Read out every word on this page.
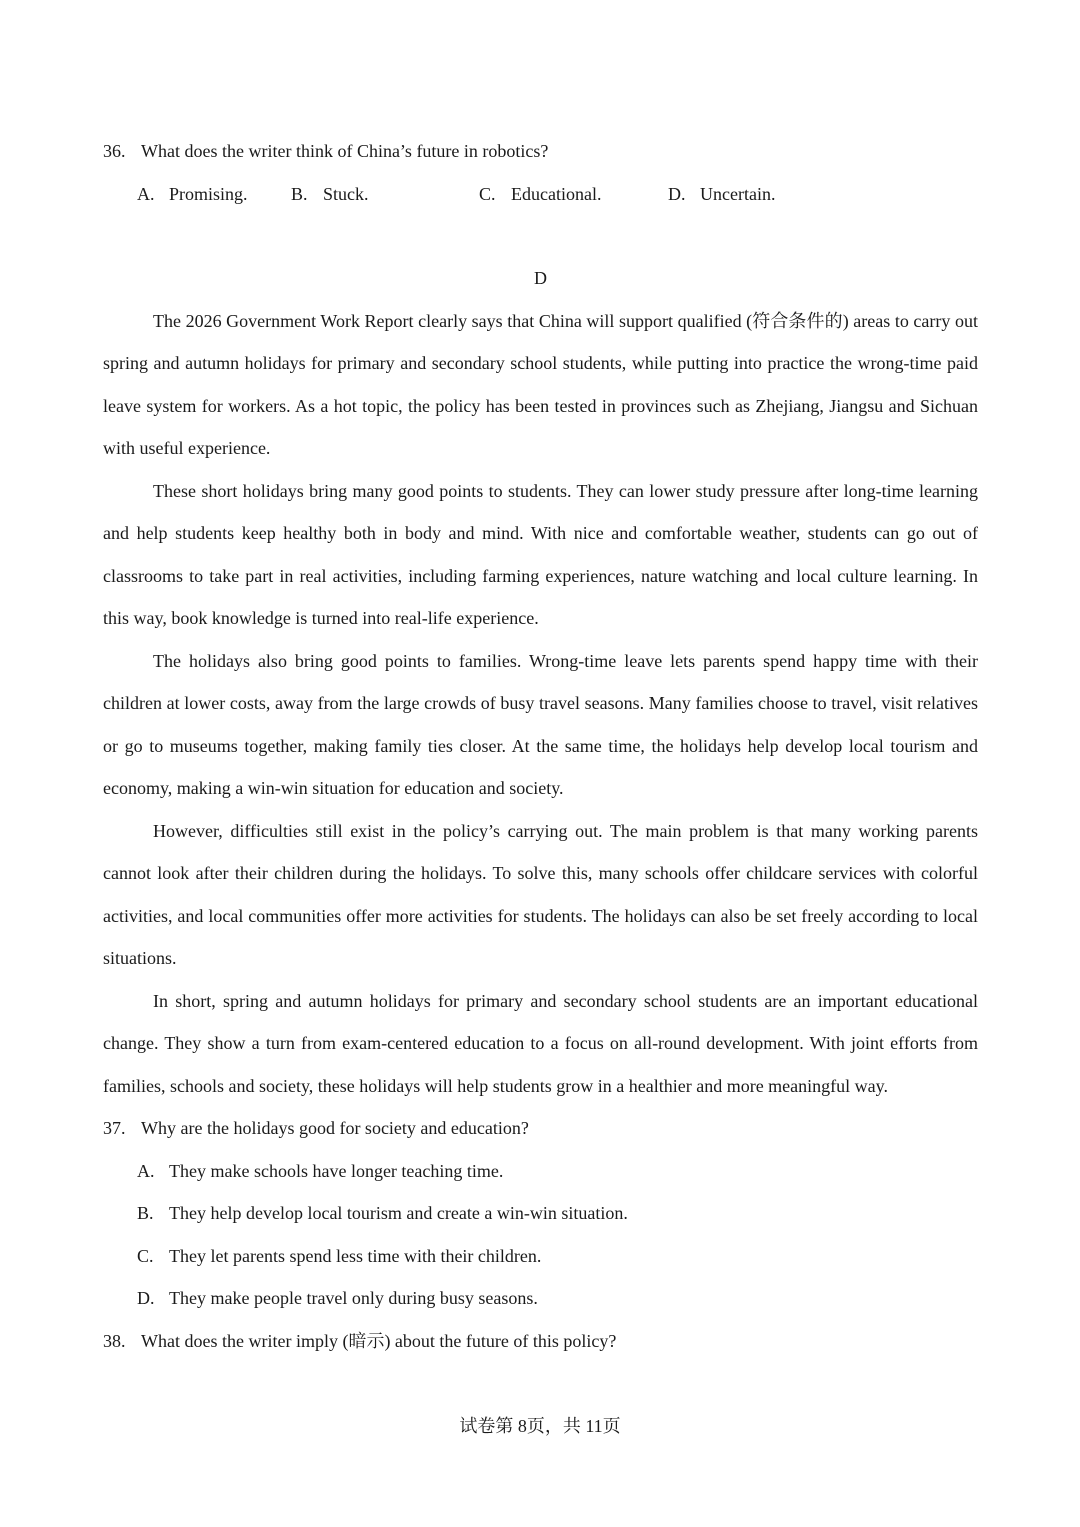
36. What does the writer think of China’s future in robotics?
A. Promising. B. Stuck.	C. Educational.	D. Uncertain.
D

The 2026 Government Work Report clearly says that China will support qualified (符合条件的) areas to carry out spring and autumn holidays for primary and secondary school students, while putting into practice the wrong-time paid leave system for workers. As a hot topic, the policy has been tested in provinces such as Zhejiang, Jiangsu and Sichuan with useful experience.

These short holidays bring many good points to students. They can lower study pressure after long-time learning and help students keep healthy both in body and mind. With nice and comfortable weather, students can go out of classrooms to take part in real activities, including farming experiences, nature watching and local culture learning. In this way, book knowledge is turned into real-life experience.

The holidays also bring good points to families. Wrong-time leave lets parents spend happy time with their children at lower costs, away from the large crowds of busy travel seasons. Many families choose to travel, visit relatives or go to museums together, making family ties closer. At the same time, the holidays help develop local tourism and economy, making a win-win situation for education and society.

However, difficulties still exist in the policy’s carrying out. The main problem is that many working parents cannot look after their children during the holidays. To solve this, many schools offer childcare services with colorful activities, and local communities offer more activities for students. The holidays can also be set freely according to local situations.

In short, spring and autumn holidays for primary and secondary school students are an important educational change. They show a turn from exam-centered education to a focus on all-round development. With joint efforts from families, schools and society, these holidays will help students grow in a healthier and more meaningful way.

37. Why are the holidays good for society and education?
A. They make schools have longer teaching time.
B. They help develop local tourism and create a win-win situation.
C. They let parents spend less time with their children.
D. They make people travel only during busy seasons.
38. What does the writer imply (暗示) about the future of this policy?
试卷第 8页，共 11页
